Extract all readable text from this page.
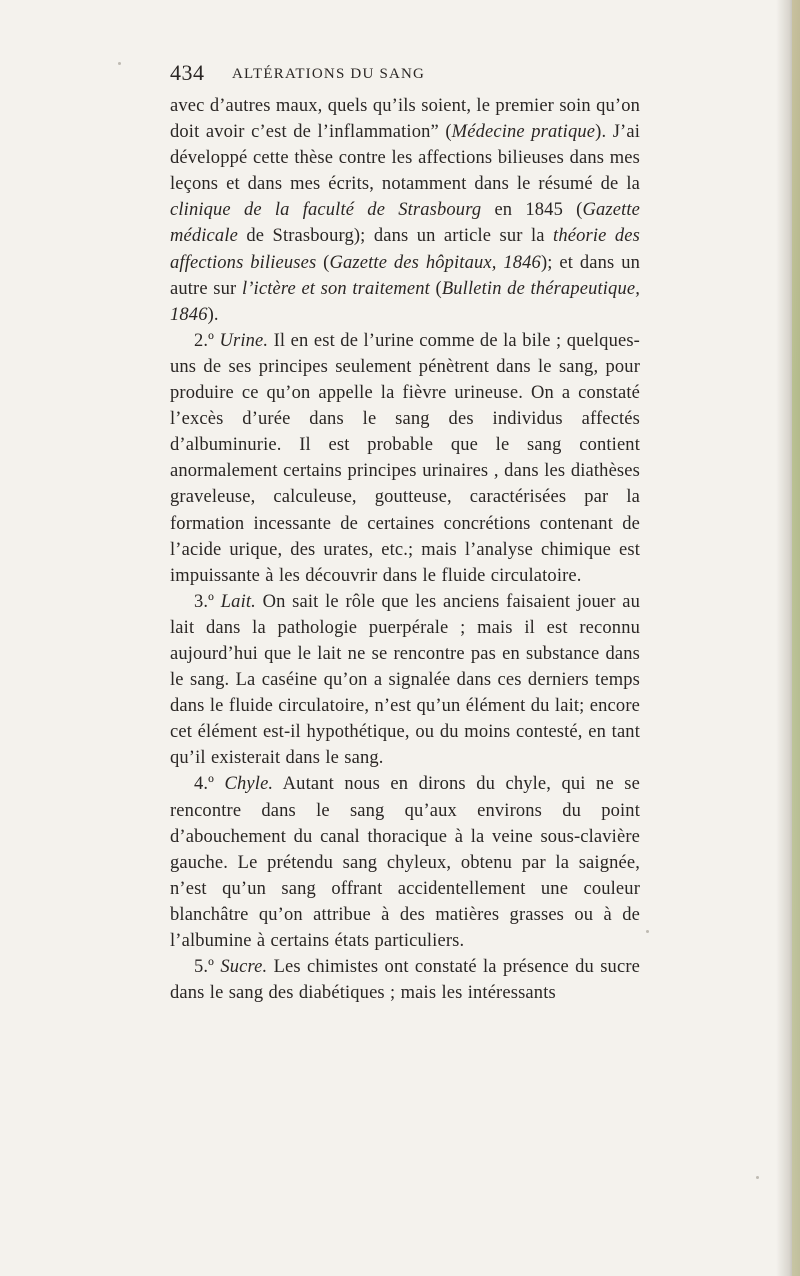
434 ALTÉRATIONS DU SANG

avec d’autres maux, quels qu’ils soient, le premier soin qu’on doit avoir c’est de l’inflammation” (Médecine pratique). J’ai développé cette thèse contre les affections bilieuses dans mes leçons et dans mes écrits, notamment dans le résumé de la clinique de la faculté de Strasbourg en 1845 (Gazette médicale de Strasbourg); dans un article sur la théorie des affections bilieuses (Gazette des hôpitaux, 1846); et dans un autre sur l’ictère et son traitement (Bulletin de thérapeutique, 1846).

2.º Urine. Il en est de l’urine comme de la bile ; quelques-uns de ses principes seulement pénètrent dans le sang, pour produire ce qu’on appelle la fièvre urineuse. On a constaté l’excès d’urée dans le sang des individus affectés d’albuminurie. Il est probable que le sang contient anormalement certains principes urinaires , dans les diathèses graveleuse, calculeuse, goutteuse, caractérisées par la formation incessante de certaines concrétions contenant de l’acide urique, des urates, etc.; mais l’analyse chimique est impuissante à les découvrir dans le fluide circulatoire.

3.º Lait. On sait le rôle que les anciens faisaient jouer au lait dans la pathologie puerpérale ; mais il est reconnu aujourd’hui que le lait ne se rencontre pas en substance dans le sang. La caséine qu’on a signalée dans ces derniers temps dans le fluide circulatoire, n’est qu’un élément du lait; encore cet élément est-il hypothétique, ou du moins contesté, en tant qu’il existerait dans le sang.

4.º Chyle. Autant nous en dirons du chyle, qui ne se rencontre dans le sang qu’aux environs du point d’abouchement du canal thoracique à la veine sous-clavière gauche. Le prétendu sang chyleux, obtenu par la saignée, n’est qu’un sang offrant accidentellement une couleur blanchâtre qu’on attribue à des matières grasses ou à de l’albumine à certains états particuliers.

5.º Sucre. Les chimistes ont constaté la présence du sucre dans le sang des diabétiques ; mais les intéressants
